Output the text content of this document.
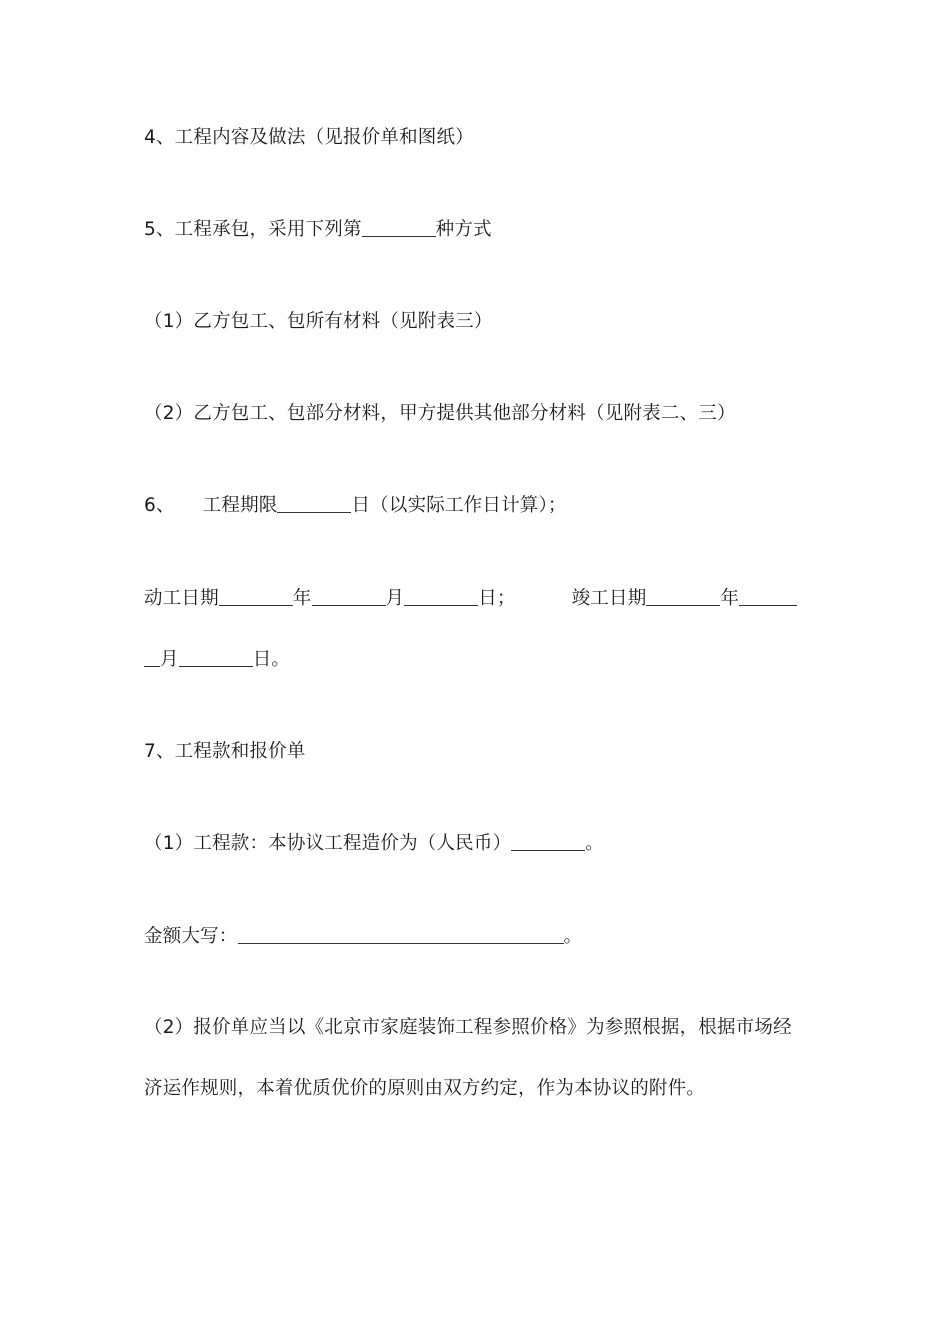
4、工程内容及做法（见报价单和图纸）
5、工程承包，采用下列第	种方式
（1）乙方包工、包所有材料（见附表三）
（2）乙方包工、包部分材料，甲方提供其他部分材料（见附表二、三）
6、 工程期限	日（以实际工作日计算）；
动工日期	年	月	日；	竣工日期	年
月	日。
7、工程款和报价单
（1）工程款：本协议工程造价为（人民币）	。
金额大写：	。
（2）报价单应当以《北京市家庭装饰工程参照价格》为参照根据，根据市场经
济运作规则，本着优质优价的原则由双方约定，作为本协议的附件。
